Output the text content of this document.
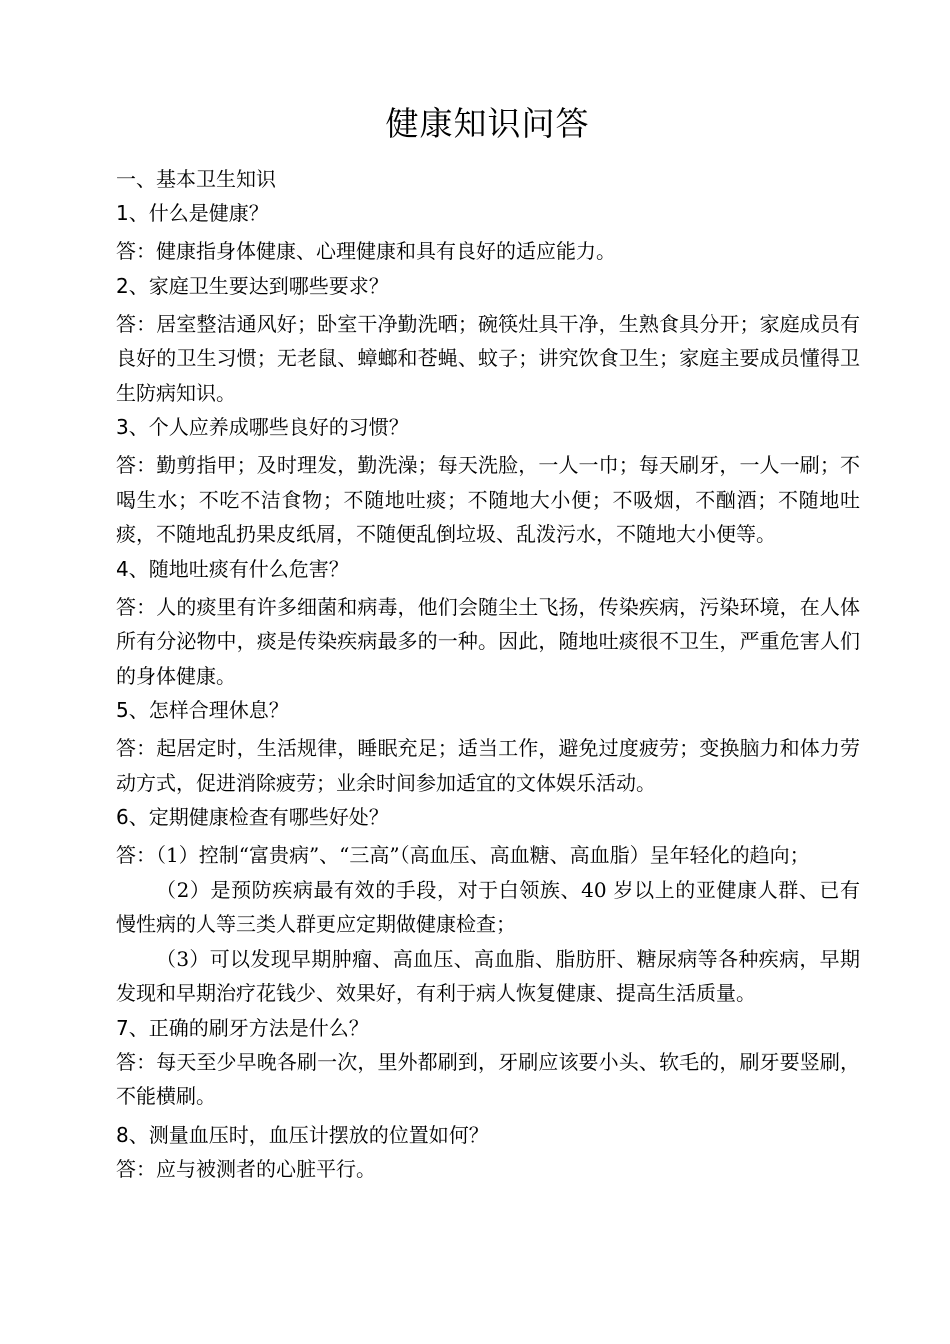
健康知识问答

一、基本卫生知识

1、什么是健康？

答：健康指身体健康、心理健康和具有良好的适应能力。

2、家庭卫生要达到哪些要求？

答：居室整洁通风好；卧室干净勤洗晒；碗筷灶具干净，生熟食具分开；家庭成员有良好的卫生习惯；无老鼠、蟑螂和苍蝇、蚊子；讲究饮食卫生；家庭主要成员懂得卫生防病知识。

3、个人应养成哪些良好的习惯？

答：勤剪指甲；及时理发，勤洗澡；每天洗脸，一人一巾；每天刷牙，一人一刷；不喝生水；不吃不洁食物；不随地吐痰；不随地大小便；不吸烟，不酗酒；不随地吐痰，不随地乱扔果皮纸屑，不随便乱倒垃圾、乱泼污水，不随地大小便等。

4、随地吐痰有什么危害？

答：人的痰里有许多细菌和病毒，他们会随尘土飞扬，传染疾病，污染环境，在人体所有分泌物中，痰是传染疾病最多的一种。因此，随地吐痰很不卫生，严重危害人们的身体健康。

5、怎样合理休息？

答：起居定时，生活规律，睡眠充足；适当工作，避免过度疲劳；变换脑力和体力劳动方式，促进消除疲劳；业余时间参加适宜的文体娱乐活动。

6、定期健康检查有哪些好处？

答：（1）控制“富贵病”、“三高”（高血压、高血糖、高血脂）呈年轻化的趋向；

（2）是预防疾病最有效的手段，对于白领族、40 岁以上的亚健康人群、已有慢性病的人等三类人群更应定期做健康检查；

（3）可以发现早期肿瘤、高血压、高血脂、脂肪肝、糖尿病等各种疾病，早期发现和早期治疗花钱少、效果好，有利于病人恢复健康、提高生活质量。

7、正确的刷牙方法是什么？

答：每天至少早晚各刷一次，里外都刷到，牙刷应该要小头、软毛的，刷牙要竖刷，不能横刷。

8、测量血压时，血压计摆放的位置如何？

答：应与被测者的心脏平行。
